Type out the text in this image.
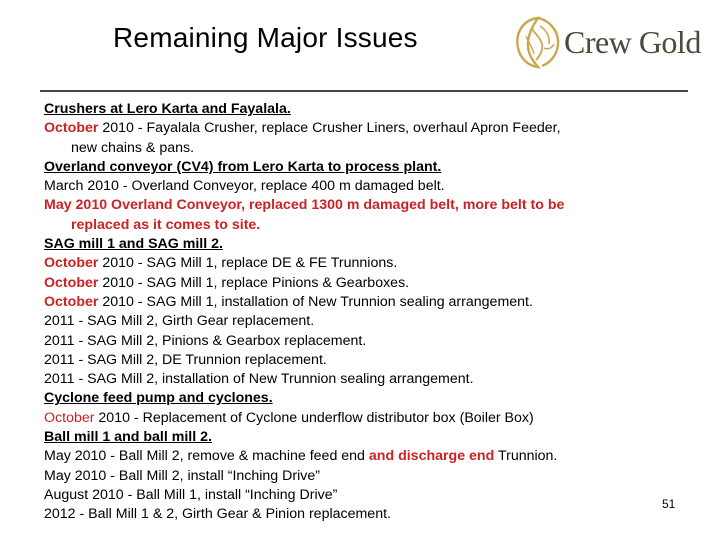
Remaining Major Issues	Crew Gold
Crushers at Lero Karta and Fayalala.
October 2010 - Fayalala Crusher, replace Crusher Liners, overhaul Apron Feeder,
new chains & pans.
Overland conveyor (CV4) from Lero Karta to process plant.
March 2010 - Overland Conveyor, replace 400 m damaged belt.
May 2010 Overland Conveyor, replaced 1300 m damaged belt, more belt to be
replaced as it comes to site.
SAG mill 1 and SAG mill 2.
October 2010 - SAG Mill 1, replace DE & FE Trunnions.
October 2010 - SAG Mill 1, replace Pinions & Gearboxes.
October 2010 - SAG Mill 1, installation of New Trunnion sealing arrangement.
2011 - SAG Mill 2, Girth Gear replacement.
2011 - SAG Mill 2, Pinions & Gearbox replacement.
2011 - SAG Mill 2, DE Trunnion replacement.
2011 - SAG Mill 2, installation of New Trunnion sealing arrangement.
Cyclone feed pump and cyclones.
October 2010 - Replacement of Cyclone underflow distributor box (Boiler Box)
Ball mill 1 and ball mill 2.
May 2010 - Ball Mill 2, remove & machine feed end and discharge end Trunnion.
May 2010 - Ball Mill 2, install “Inching Drive”
August 2010 - Ball Mill 1, install “Inching Drive”
2012 - Ball Mill 1 & 2, Girth Gear & Pinion replacement.
51
